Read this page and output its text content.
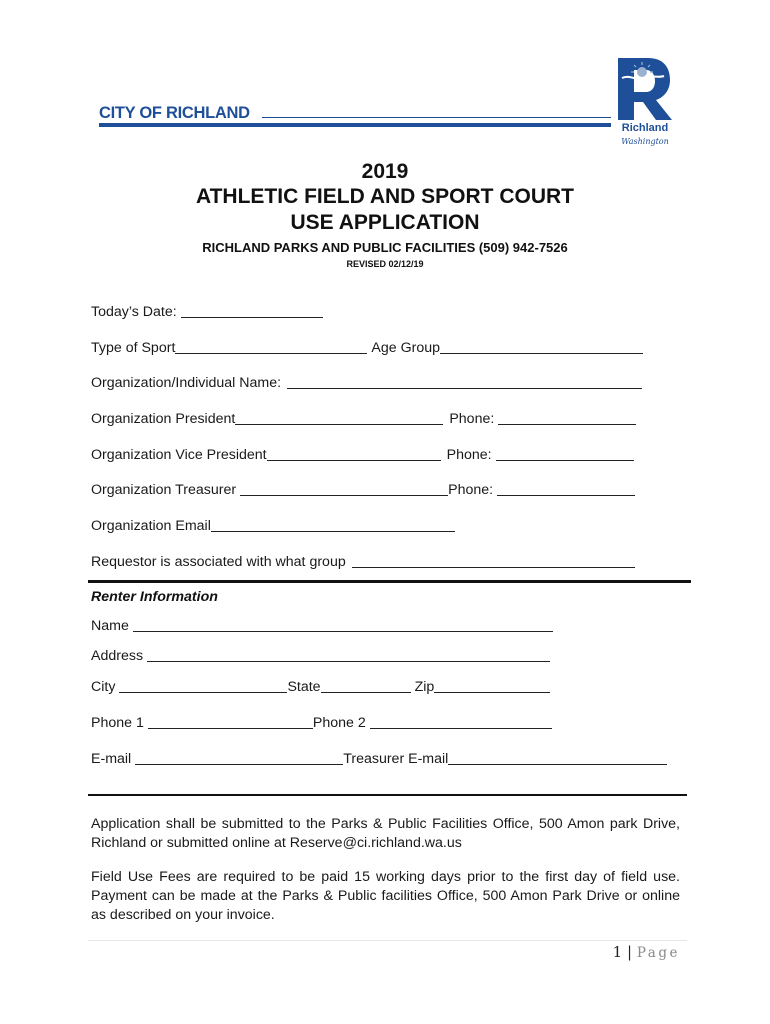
CITY OF RICHLAND
Richland
Washington
2019
ATHLETIC FIELD AND SPORT COURT
USE APPLICATION
RICHLAND PARKS AND PUBLIC FACILITIES (509) 942-7526
REVISED 02/12/19
Today’s Date:
Type of Sport	Age Group
Organization/Individual Name:
Organization President	Phone:
Organization Vice President	Phone:
Organization Treasurer	Phone:
Organization Email
Requestor is associated with what group
Renter Information
Name
Address
City	State	Zip
Phone 1	Phone 2
E-mail	Treasurer E-mail
Application shall be submitted to the Parks & Public Facilities Office, 500 Amon park Drive, Richland or submitted online at Reserve@ci.richland.wa.us
Field Use Fees are required to be paid 15 working days prior to the first day of field use. Payment can be made at the Parks & Public facilities Office, 500 Amon Park Drive or online as described on your invoice.
1 | Page
